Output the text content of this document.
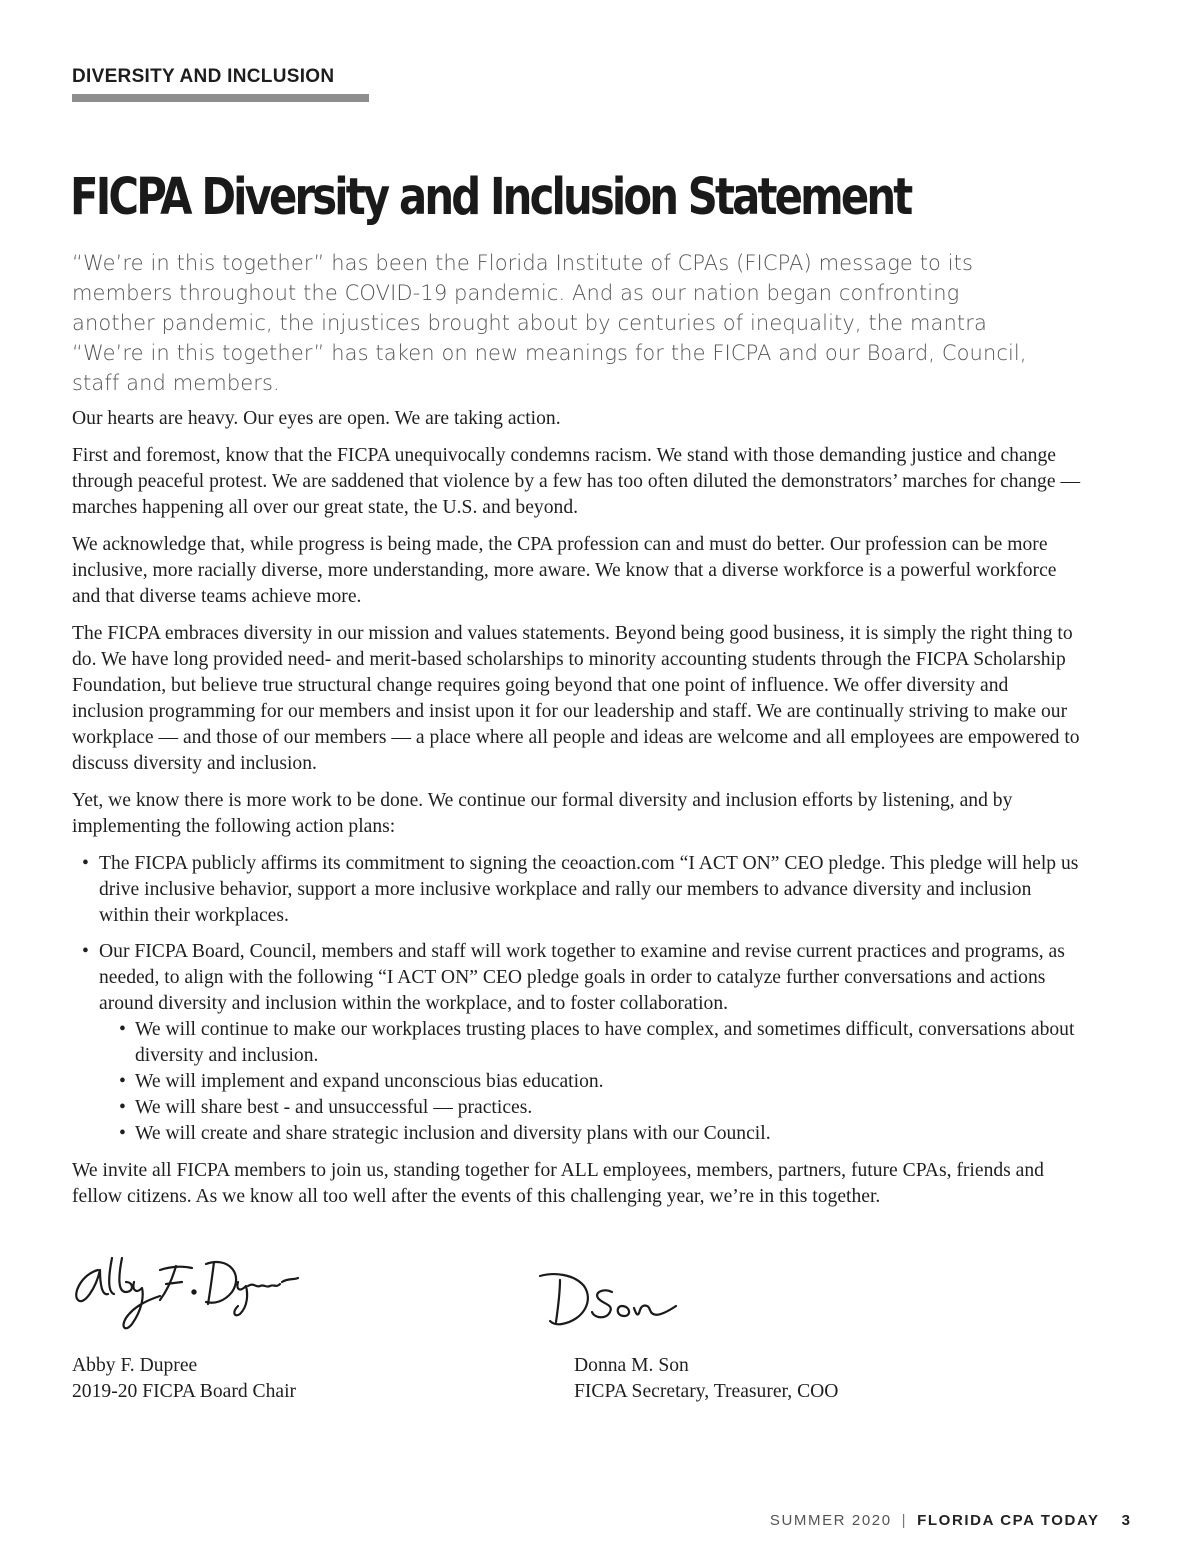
DIVERSITY AND INCLUSION
FICPA Diversity and Inclusion Statement

“We’re in this together” has been the Florida Institute of CPAs (FICPA) message to its members throughout the COVID-19 pandemic. And as our nation began confronting another pandemic, the injustices brought about by centuries of inequality, the mantra “We’re in this together” has taken on new meanings for the FICPA and our Board, Council, staff and members.

Our hearts are heavy. Our eyes are open. We are taking action.

First and foremost, know that the FICPA unequivocally condemns racism. We stand with those demanding justice and change through peaceful protest. We are saddened that violence by a few has too often diluted the demonstrators’ marches for change — marches happening all over our great state, the U.S. and beyond.

We acknowledge that, while progress is being made, the CPA profession can and must do better. Our profession can be more inclusive, more racially diverse, more understanding, more aware. We know that a diverse workforce is a powerful workforce and that diverse teams achieve more.

The FICPA embraces diversity in our mission and values statements. Beyond being good business, it is simply the right thing to do. We have long provided need- and merit-based scholarships to minority accounting students through the FICPA Scholarship Foundation, but believe true structural change requires going beyond that one point of influence. We offer diversity and inclusion programming for our members and insist upon it for our leadership and staff. We are continually striving to make our workplace — and those of our members — a place where all people and ideas are welcome and all employees are empowered to discuss diversity and inclusion.

Yet, we know there is more work to be done. We continue our formal diversity and inclusion efforts by listening, and by implementing the following action plans:

• The FICPA publicly affirms its commitment to signing the ceoaction.com “I ACT ON” CEO pledge. This pledge will help us drive inclusive behavior, support a more inclusive workplace and rally our members to advance diversity and inclusion within their workplaces.
• Our FICPA Board, Council, members and staff will work together to examine and revise current practices and programs, as needed, to align with the following “I ACT ON” CEO pledge goals in order to catalyze further conversations and actions around diversity and inclusion within the workplace, and to foster collaboration.
• We will continue to make our workplaces trusting places to have complex, and sometimes difficult, conversations about diversity and inclusion.
• We will implement and expand unconscious bias education.
• We will share best - and unsuccessful — practices.
• We will create and share strategic inclusion and diversity plans with our Council.

We invite all FICPA members to join us, standing together for ALL employees, members, partners, future CPAs, friends and fellow citizens. As we know all too well after the events of this challenging year, we’re in this together.

Abby F. Dupree
2019-20 FICPA Board Chair
Donna M. Son
FICPA Secretary, Treasurer, COO
SUMMER 2020 | FLORIDA CPA TODAY 3
